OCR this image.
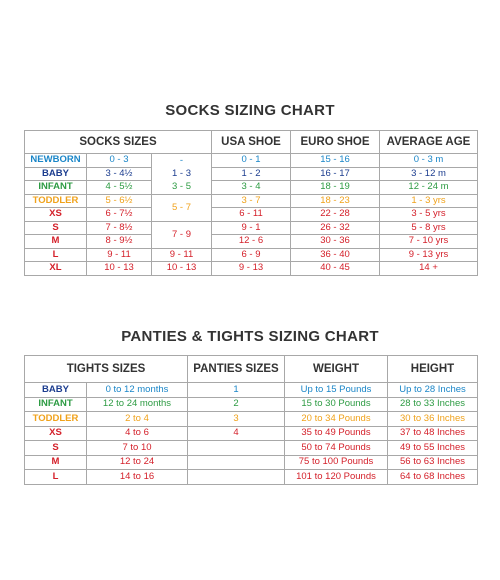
SOCKS SIZING CHART
SOCKS SIZES			USA SHOE	EURO SHOE	AVERAGE AGE
NEWBORN	0 - 3	-	0 - 1	15 - 16	0 - 3 m
BABY	3 - 4½	1 - 3	1 - 2	16 - 17	3 - 12 m
INFANT	4 - 5½	3 - 5	3 - 4	18 - 19	12 - 24 m
TODDLER	5 - 6½	5 - 7	3 - 7	18 - 23	1 - 3 yrs
XS	6 - 7½		6 - 11	22 - 28	3 - 5 yrs
S	7 - 8½	7 - 9	9 - 1	26 - 32	5 - 8 yrs
M	8 - 9½		12 - 6	30 - 36	7 - 10 yrs
L	9 - 11	9 - 11	6 - 9	36 - 40	9 - 13 yrs
XL	10 - 13	10 - 13	9 - 13	40 - 45	14 +
PANTIES & TIGHTS SIZING CHART
TIGHTS SIZES		PANTIES SIZES	WEIGHT	HEIGHT
BABY	0 to 12 months	1	Up to 15 Pounds	Up to 28 Inches
INFANT	12 to 24 months	2	15 to 30 Pounds	28 to 33 Inches
TODDLER	2 to 4	3	20 to 34 Pounds	30 to 36 Inches
XS	4 to 6	4	35 to 49 Pounds	37 to 48 Inches
S	7 to 10		50 to 74 Pounds	49 to 55 Inches
M	12 to 24		75 to 100 Pounds	56 to 63 Inches
L	14 to 16		101 to 120 Pounds	64 to 68 Inches
